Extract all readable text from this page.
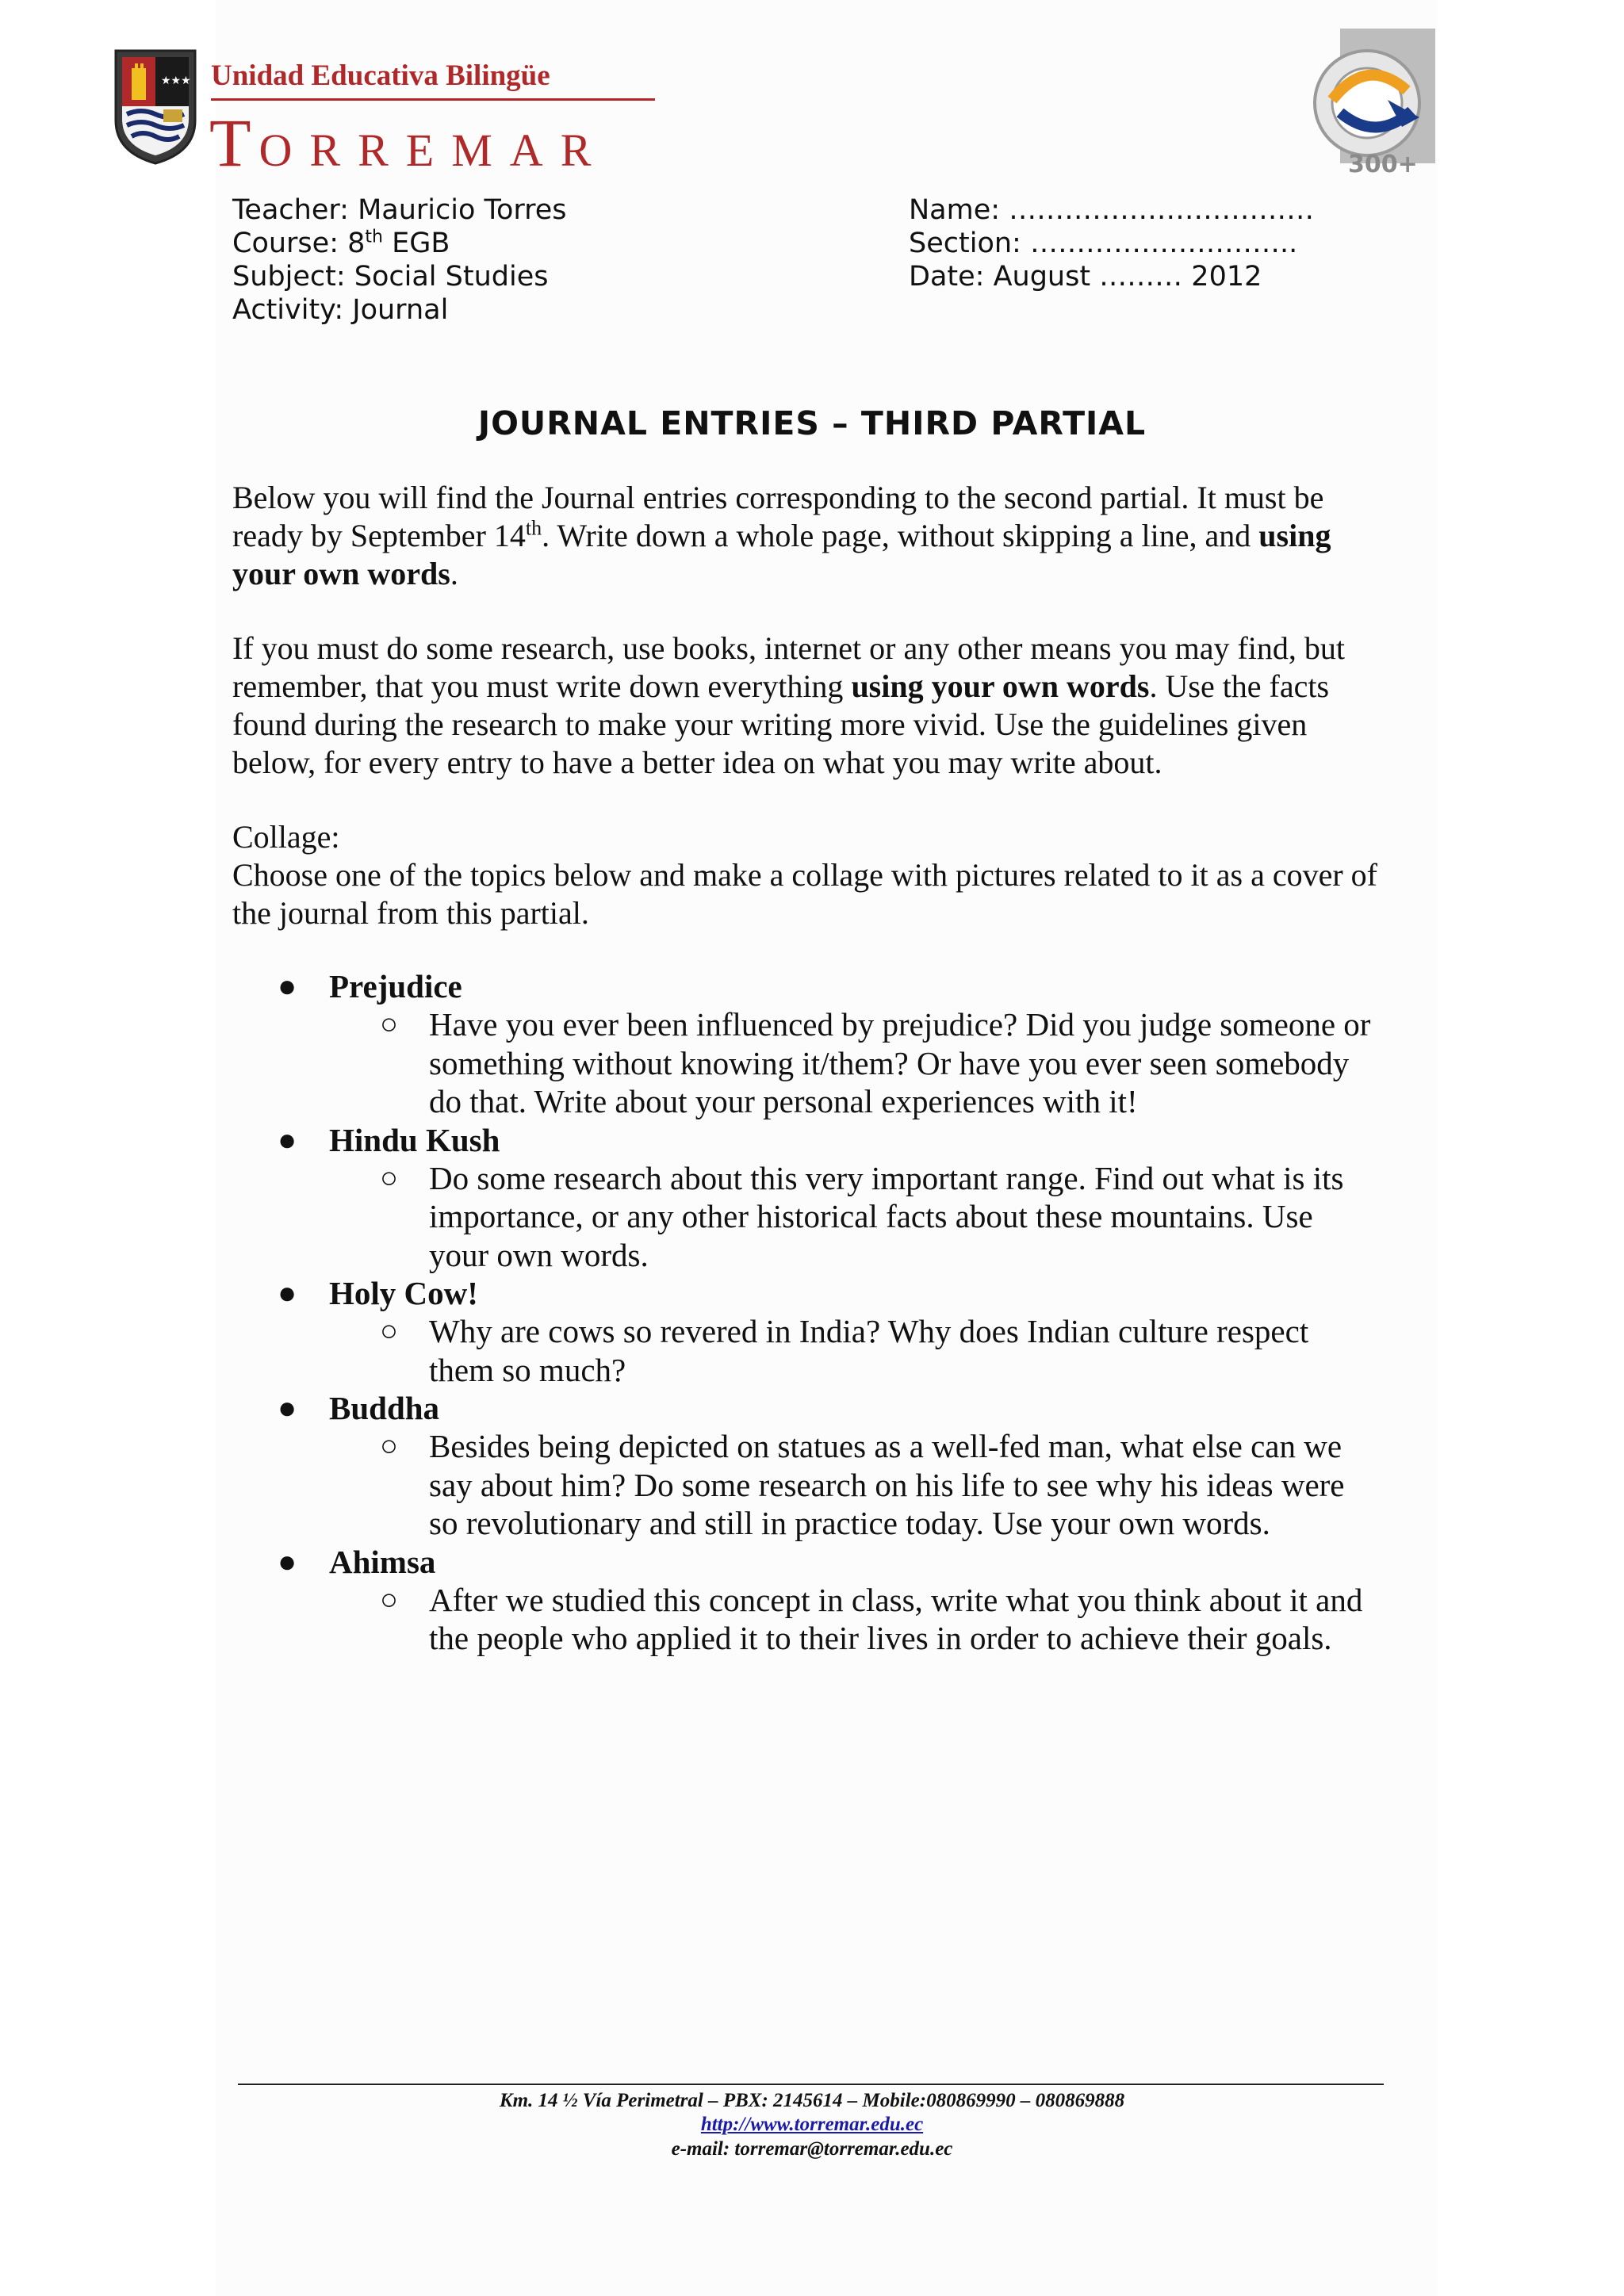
★★★ Unidad Educativa Bilingüe
TORREMAR	300+
Teacher: Mauricio Torres
Course: 8th EGB
Subject: Social Studies
Activity: Journal
Name: ……………………………
Section: ………………………..
Date: August ……… 2012
JOURNAL ENTRIES – THIRD PARTIAL
Below you will find the Journal entries corresponding to the second partial. It must be ready by September 14th. Write down a whole page, without skipping a line, and using your own words.
If you must do some research, use books, internet or any other means you may find, but remember, that you must write down everything using your own words. Use the facts found during the research to make your writing more vivid. Use the guidelines given below, for every entry to have a better idea on what you may write about.
Collage:
Choose one of the topics below and make a collage with pictures related to it as a cover of the journal from this partial.
● Prejudice
○ Have you ever been influenced by prejudice? Did you judge someone or something without knowing it/them? Or have you ever seen somebody do that. Write about your personal experiences with it!
● Hindu Kush
○ Do some research about this very important range. Find out what is its importance, or any other historical facts about these mountains. Use your own words.
● Holy Cow!
○ Why are cows so revered in India? Why does Indian culture respect them so much?
● Buddha
○ Besides being depicted on statues as a well-fed man, what else can we say about him? Do some research on his life to see why his ideas were so revolutionary and still in practice today. Use your own words.
● Ahimsa
○ After we studied this concept in class, write what you think about it and the people who applied it to their lives in order to achieve their goals.
Km. 14 ½ Vía Perimetral – PBX: 2145614 – Mobile:080869990 – 080869888
http://www.torremar.edu.ec
e-mail: torremar@torremar.edu.ec
